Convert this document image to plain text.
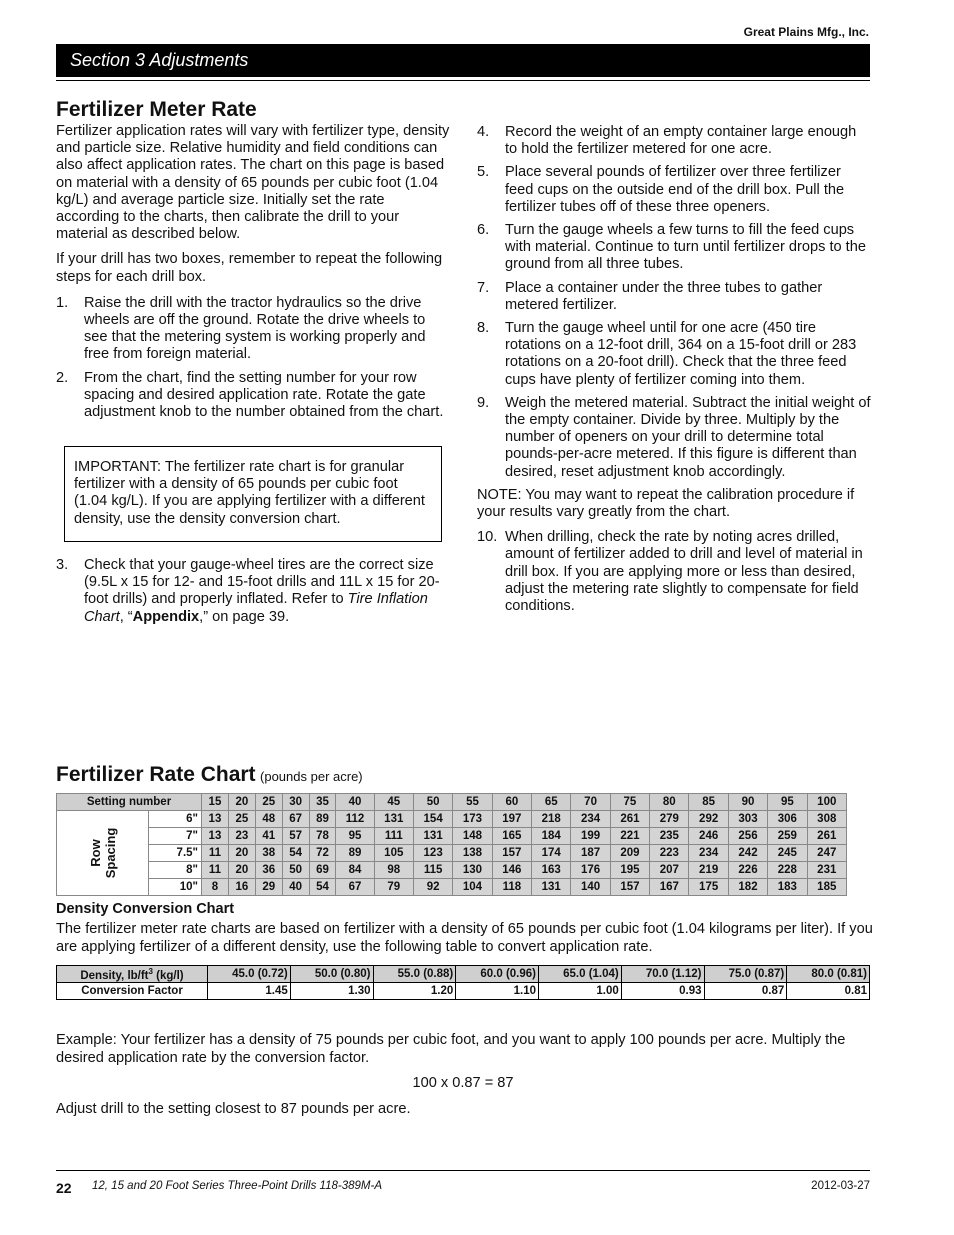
Great Plains Mfg., Inc.
Section 3 Adjustments
Fertilizer Meter Rate

Fertilizer application rates will vary with fertilizer type, density and particle size. Relative humidity and field conditions can also affect application rates. The chart on this page is based on material with a density of 65 pounds per cubic foot (1.04 kg/L) and average particle size. Initially set the rate according to the charts, then calibrate the drill to your material as described below.

If your drill has two boxes, remember to repeat the following steps for each drill box.

1. Raise the drill with the tractor hydraulics so the drive wheels are off the ground. Rotate the drive wheels to see that the metering system is working properly and free from foreign material.
2. From the chart, find the setting number for your row spacing and desired application rate. Rotate the gate adjustment knob to the number obtained from the chart.
IMPORTANT: The fertilizer rate chart is for granular fertilizer with a density of 65 pounds per cubic foot (1.04 kg/L). If you are applying fertilizer with a different density, use the density conversion chart.
3. Check that your gauge-wheel tires are the correct size (9.5L x 15 for 12- and 15-foot drills and 11L x 15 for 20-foot drills) and properly inflated. Refer to Tire Inflation Chart, “Appendix,” on page 39.
4. Record the weight of an empty container large enough to hold the fertilizer metered for one acre.
5. Place several pounds of fertilizer over three fertilizer feed cups on the outside end of the drill box. Pull the fertilizer tubes off of these three openers.
6. Turn the gauge wheels a few turns to fill the feed cups with material. Continue to turn until fertilizer drops to the ground from all three tubes.
7. Place a container under the three tubes to gather metered fertilizer.
8. Turn the gauge wheel until for one acre (450 tire rotations on a 12-foot drill, 364 on a 15-foot drill or 283 rotations on a 20-foot drill). Check that the three feed cups have plenty of fertilizer coming into them.
9. Weigh the metered material. Subtract the initial weight of the empty container. Divide by three. Multiply by the number of openers on your drill to determine total pounds-per-acre metered. If this figure is different than desired, reset adjustment knob accordingly.

NOTE: You may want to repeat the calibration procedure if your results vary greatly from the chart.

10. When drilling, check the rate by noting acres drilled, amount of fertilizer added to drill and level of material in drill box. If you are applying more or less than desired, adjust the metering rate slightly to compensate for field conditions.
Fertilizer Rate Chart (pounds per acre)
Setting number		15	20	25	30	35	40	45	50	55	60	65	70	75	80	85	90	95	100

Row Spacing	6"	13	25	48	67	89	112	131	154	173	197	218	234	261	279	292	303	306	308
	7"	13	23	41	57	78	95	111	131	148	165	184	199	221	235	246	256	259	261
	7.5"	11	20	38	54	72	89	105	123	138	157	174	187	209	223	234	242	245	247
	8"	11	20	36	50	69	84	98	115	130	146	163	176	195	207	219	226	228	231
	10"	8	16	29	40	54	67	79	92	104	118	131	140	157	167	175	182	183	185
Density Conversion Chart
The fertilizer meter rate charts are based on fertilizer with a density of 65 pounds per cubic foot (1.04 kilograms per liter). If you are applying fertilizer of a different density, use the following table to convert application rate.
Density, $lb/ft^3$ (kg/l)	45.0 (0.72)	50.0 (0.80)	55.0 (0.88)	60.0 (0.96)	65.0 (1.04)	70.0 (1.12)	75.0 (0.87)	80.0 (0.81)
Conversion Factor	1.45	1.30	1.20	1.10	1.00	0.93	0.87	0.81
Example: Your fertilizer has a density of 75 pounds per cubic foot, and you want to apply 100 pounds per acre. Multiply the desired application rate by the conversion factor.
100 x 0.87 = 87
Adjust drill to the setting closest to 87 pounds per acre.
22 12, 15 and 20 Foot Series Three-Point Drills 118-389M-A	2012-03-27
